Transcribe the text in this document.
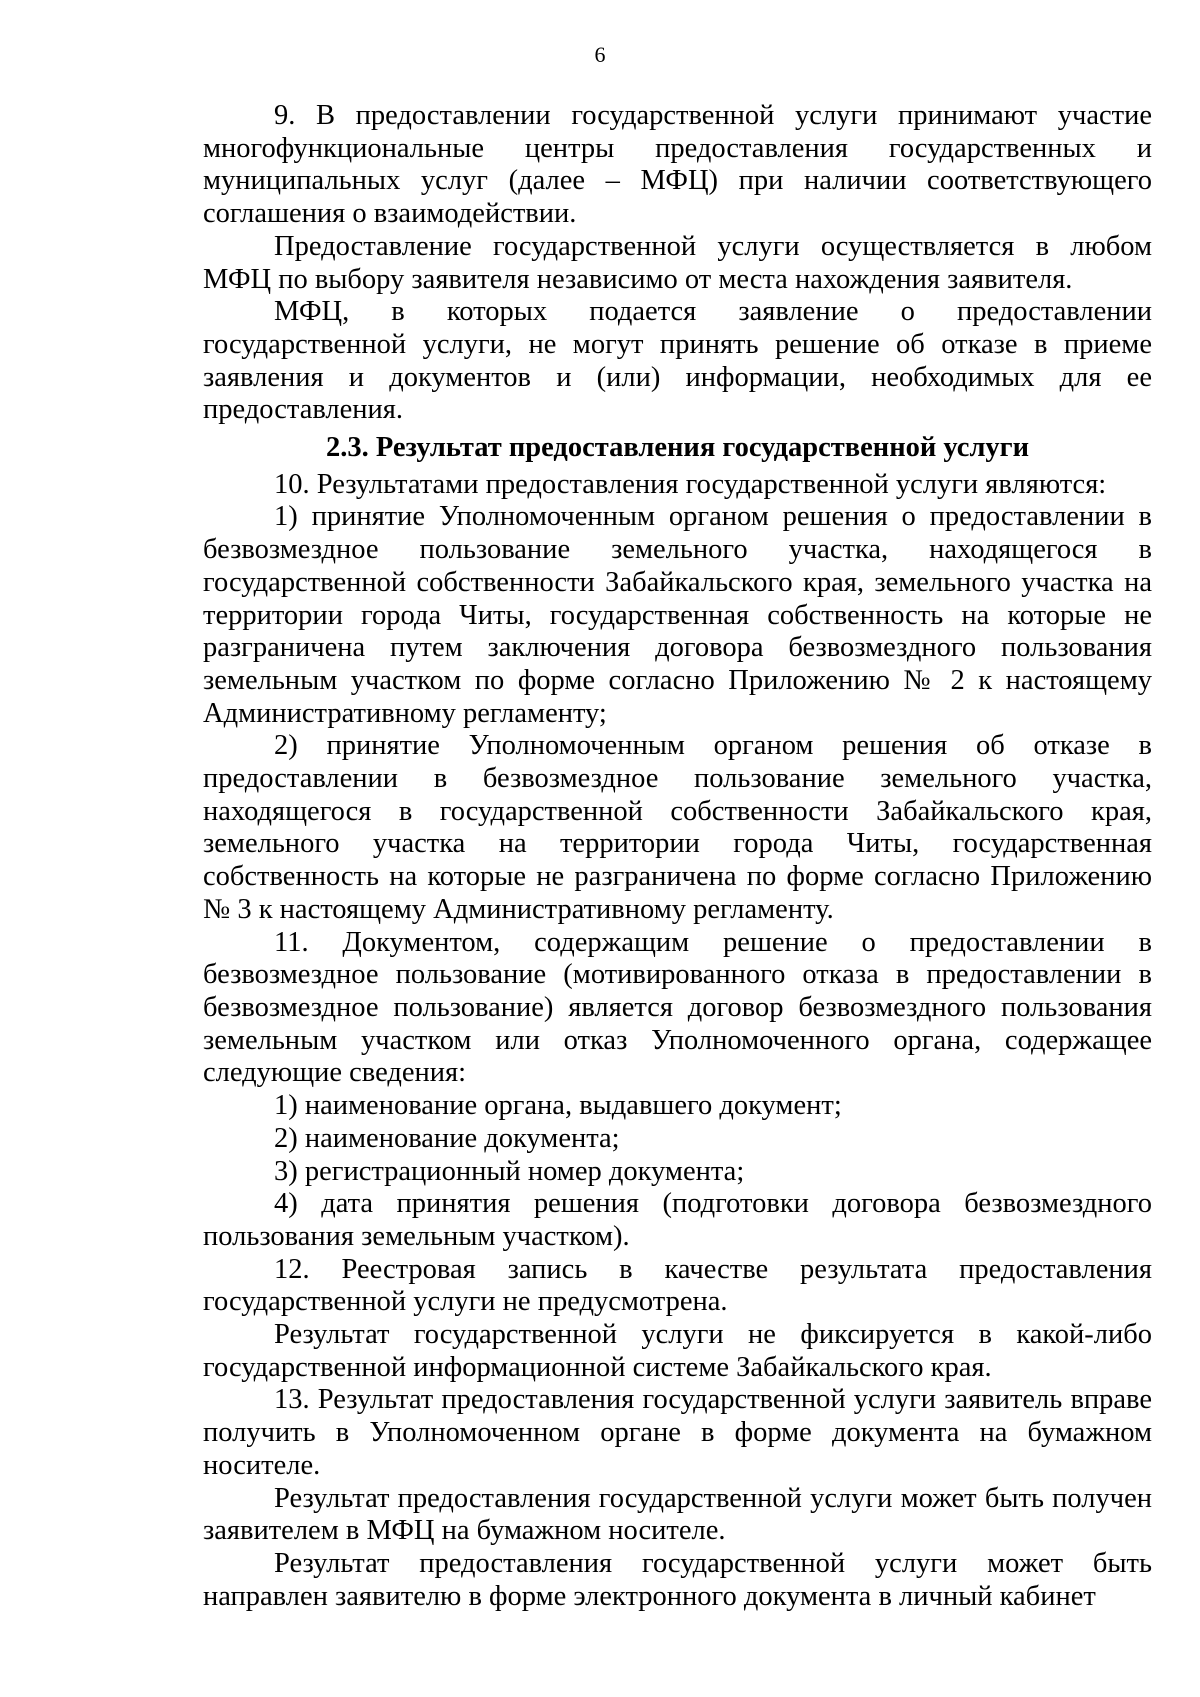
6

9. В предоставлении государственной услуги принимают участие многофункциональные центры предоставления государственных и муниципальных услуг (далее – МФЦ) при наличии соответствующего соглашения о взаимодействии.

Предоставление государственной услуги осуществляется в любом МФЦ по выбору заявителя независимо от места нахождения заявителя.

МФЦ, в которых подается заявление о предоставлении государственной услуги, не могут принять решение об отказе в приеме заявления и документов и (или) информации, необходимых для ее предоставления.

2.3. Результат предоставления государственной услуги

10. Результатами предоставления государственной услуги являются:

1) принятие Уполномоченным органом решения о предоставлении в безвозмездное пользование земельного участка, находящегося в государственной собственности Забайкальского края, земельного участка на территории города Читы, государственная собственность на которые не разграничена путем заключения договора безвозмездного пользования земельным участком по форме согласно Приложению № 2 к настоящему Административному регламенту;

2) принятие Уполномоченным органом решения об отказе в предоставлении в безвозмездное пользование земельного участка, находящегося в государственной собственности Забайкальского края, земельного участка на территории города Читы, государственная собственность на которые не разграничена по форме согласно Приложению № 3 к настоящему Административному регламенту.

11. Документом, содержащим решение о предоставлении в безвозмездное пользование (мотивированного отказа в предоставлении в безвозмездное пользование) является договор безвозмездного пользования земельным участком или отказ Уполномоченного органа, содержащее следующие сведения:

1) наименование органа, выдавшего документ;

2) наименование документа;

3) регистрационный номер документа;

4) дата принятия решения (подготовки договора безвозмездного пользования земельным участком).

12. Реестровая запись в качестве результата предоставления государственной услуги не предусмотрена.

Результат государственной услуги не фиксируется в какой-либо государственной информационной системе Забайкальского края.

13. Результат предоставления государственной услуги заявитель вправе получить в Уполномоченном органе в форме документа на бумажном носителе.

Результат предоставления государственной услуги может быть получен заявителем в МФЦ на бумажном носителе.

Результат предоставления государственной услуги может быть направлен заявителю в форме электронного документа в личный кабинет
